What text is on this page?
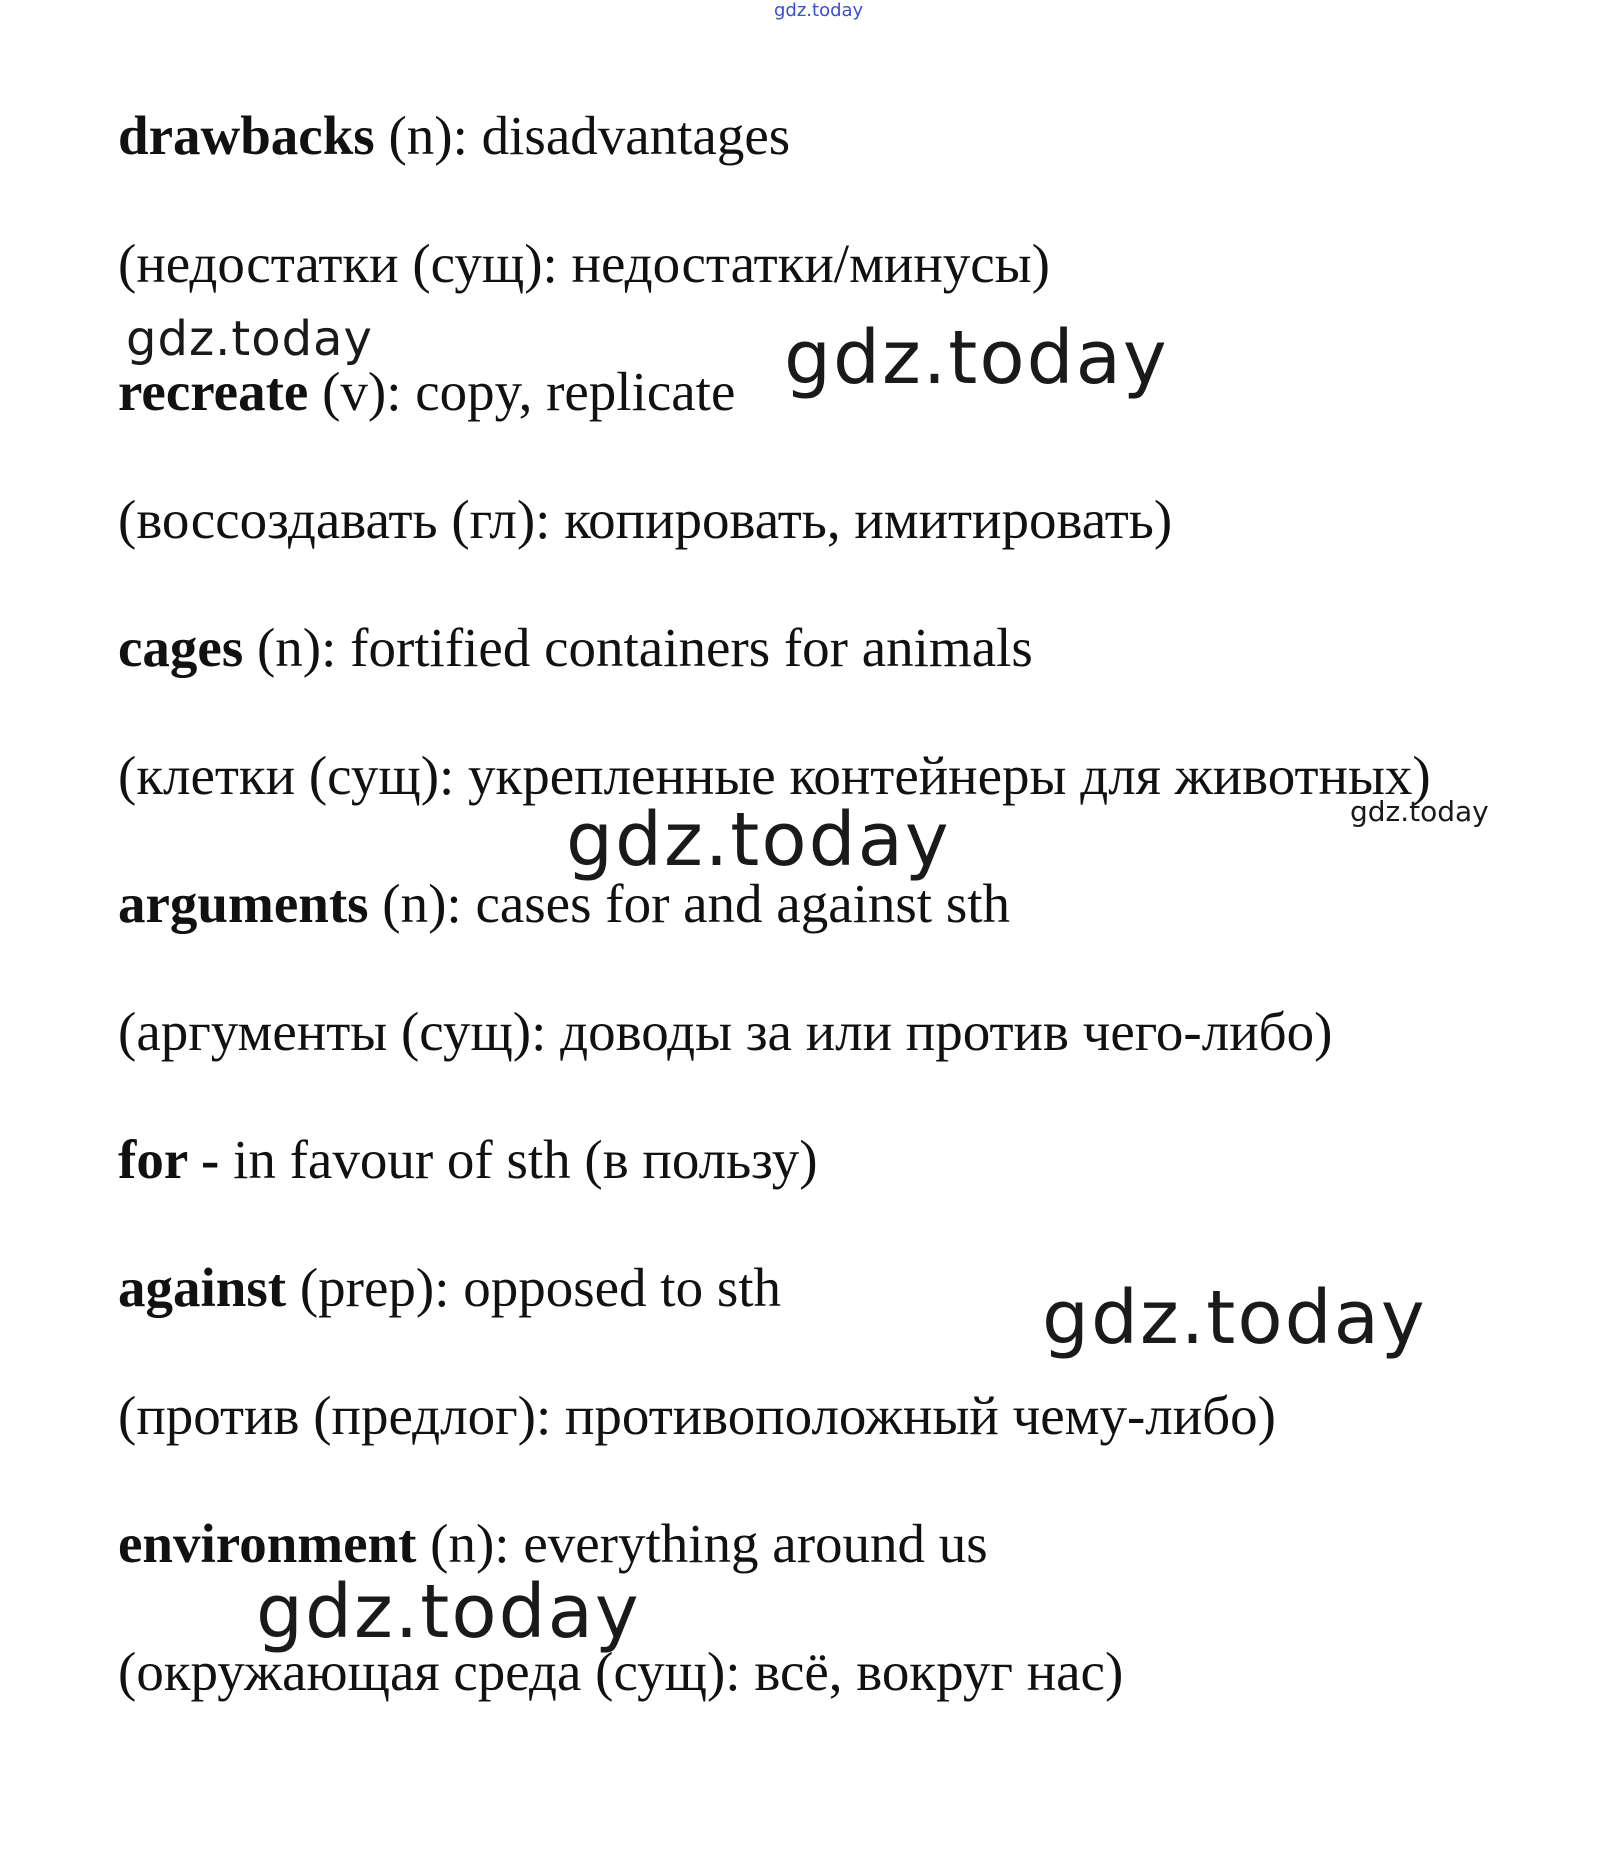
gdz.today
gdz.today	gdz.today
gdz.today	gdz.today
gdz.today
gdz.today

drawbacks (n): disadvantages

(недостатки (сущ): недостатки/минусы)

recreate (v): copy, replicate

(воссоздавать (гл): копировать, имитировать)

cages (n): fortified containers for animals

(клетки (сущ): укрепленные контейнеры для животных)

arguments (n): cases for and against sth

(аргументы (сущ): доводы за или против чего-либо)

for - in favour of sth (в пользу)

against (prep): opposed to sth

(против (предлог): противоположный чему-либо)

environment (n): everything around us

(окружающая среда (сущ): всё, вокруг нас)
